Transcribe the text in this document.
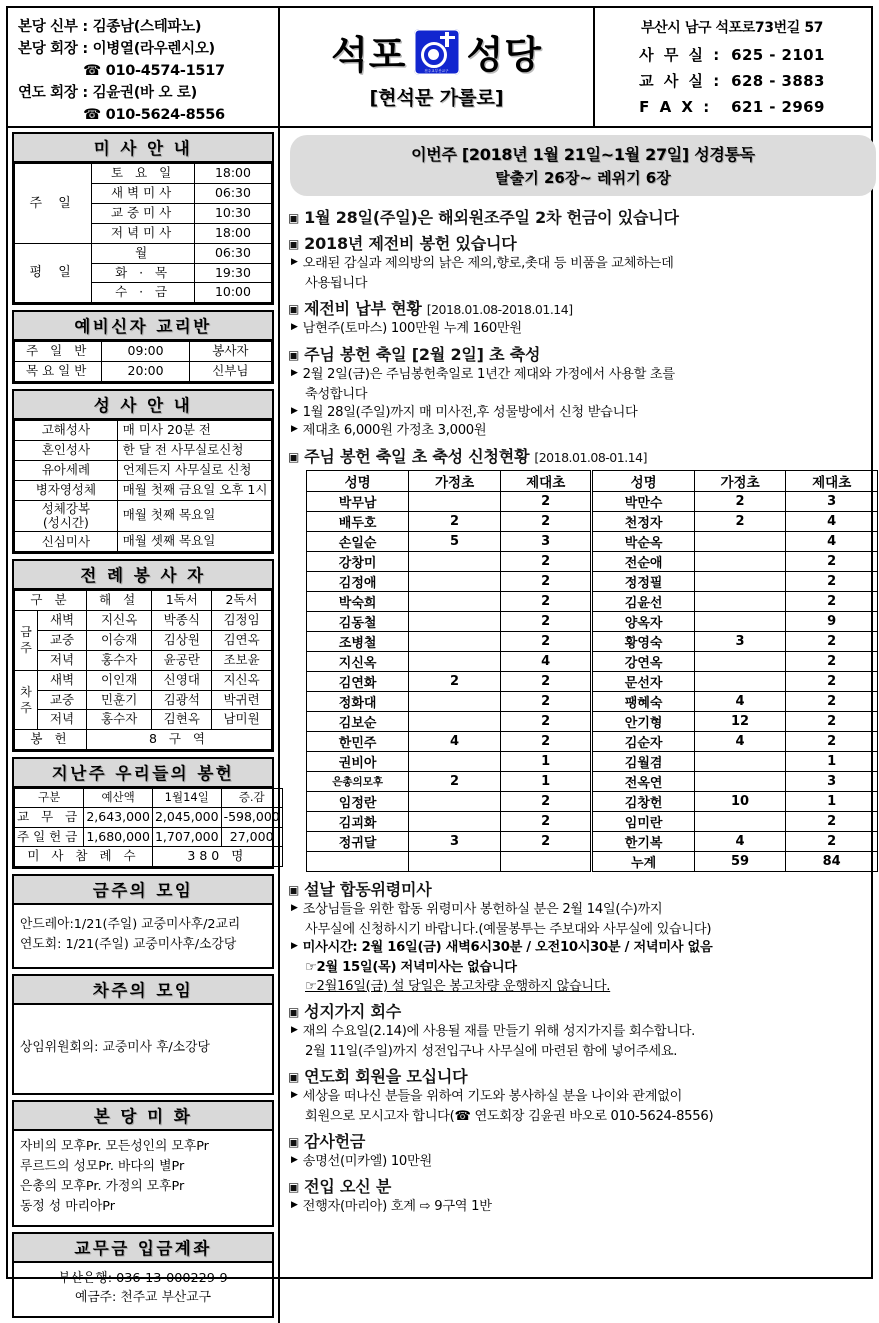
본당 신부 : 김종남(스테파노)
본당 회장 : 이병열(라우렌시오)
☎ 010-4574-1517
연도 회장 : 김윤권(바 오 로)
☎ 010-5624-8556
석포	천주교부산교구 성당
[현석문 가롤로]
부산시 남구 석포로73번길 57
사 무 실 : 625 - 2101
교 사 실 : 628 - 3883
F A X :	621 - 2969
미 사 안 내
주 일	토 요 일	18:00
	새벽미사	06:30
	교중미사	10:30
	저녁미사	18:00
평 일	월	06:30
	화 · 목	19:30
	수 · 금	10:00
예비신자 교리반
주 일 반	09:00	봉사자
목요일반	20:00	신부님
성 사 안 내
고해성사	매 미사 20분 전
혼인성사	한 달 전 사무실로신청
유아세례	언제든지 사무실로 신청
병자영성체	매월 첫째 금요일 오후 1시
성체강복
(성시간)	매월 첫째 목요일
신심미사	매월 셋째 목요일
전 례 봉 사 자
구 분		해 설	1독서	2독서
금
주	새벽	지신옥	박종식	김정임
	교중	이승재	김상원	김연옥
	저녁	홍수자	윤공란	조보윤
차
주	새벽	이인재	신영대	지신옥
	교중	민훈기	김광석	박귀련
	저녁	홍수자	김현옥	남미원
봉 헌		8 구 역		
지난주 우리들의 봉헌
구분	예산액	1월14일	증.감
교 무 금	2,643,000	2,045,000	-598,000
주일헌금	1,680,000	1,707,000	27,000
미 사 참 례 수		380 명	
금주의 모임
안드레아:1/21(주일) 교중미사후/2교리
연도회: 1/21(주일) 교중미사후/소강당
차주의 모임
상임위원회의: 교중미사 후/소강당
본 당 미 화
자비의 모후Pr. 모든성인의 모후Pr
루르드의 성모Pr. 바다의 별Pr
은총의 모후Pr. 가정의 모후Pr
동정 성 마리아Pr
교무금 입금계좌
부산은행: 036-13-000229-9
예금주: 천주교 부산교구
이번주 [2018년 1월 21일~1월 27일] 성경통독
탈출기 26장~ 레위기 6장
▣ 1월 28일(주일)은 해외원조주일 2차 헌금이 있습니다
▣ 2018년 제전비 봉헌 있습니다
▶ 오래된 감실과 제의방의 낡은 제의,향로,촛대 등 비품을 교체하는데
사용됩니다
▣ 제전비 납부 현황 [2018.01.08-2018.01.14]
▶ 남현주(토마스) 100만원 누계 160만원
▣ 주님 봉헌 축일 [2월 2일] 초 축성
▶ 2월 2일(금)은 주님봉헌축일로 1년간 제대와 가정에서 사용할 초를
축성합니다
▶ 1월 28일(주일)까지 매 미사전,후 성물방에서 신청 받습니다
▶ 제대초 6,000원 가정초 3,000원
▣ 주님 봉헌 축일 초 축성 신청현황 [2018.01.08-01.14]
성명	가정초	제대초	성명	가정초	제대초
박무남		2	박만수	2	3
배두호	2	2	천정자	2	4
손일순	5	3	박순옥		4
강창미		2	전순애		2
김정애		2	정정필		2
박숙희		2	김윤선		2
김동철		2	양옥자		9
조병철		2	황영숙	3	2
지신옥		4	강연옥		2
김연화	2	2	문선자		2
정화대		2	팽혜숙	4	2
김보순		2	안기형	12	2
한민주	4	2	김순자	4	2
권비아		1	김월겸		1
은총의모후	2	1	전옥연		3
임정란		2	김창헌	10	1
김괴화		2	임미란		2
정귀달	3	2	한기복	4	2
			누계	59	84
▣ 설날 합동위령미사
▶ 조상님들을 위한 합동 위령미사 봉헌하실 분은 2월 14일(수)까지
사무실에 신청하시기 바랍니다.(예물봉투는 주보대와 사무실에 있습니다)
▶ 미사시간: 2월 16일(금) 새벽6시30분 / 오전10시30분 / 저녁미사 없음
☞2월 15일(목) 저녁미사는 없습니다
☞2월16일(금) 설 당일은 봉고차량 운행하지 않습니다.
▣ 성지가지 회수
▶ 재의 수요일(2.14)에 사용될 재를 만들기 위해 성지가지를 회수합니다.
2월 11일(주일)까지 성전입구나 사무실에 마련된 함에 넣어주세요.
▣ 연도회 회원을 모십니다
▶ 세상을 떠나신 분들을 위하여 기도와 봉사하실 분을 나이와 관계없이
회원으로 모시고자 합니다(☎ 연도회장 김윤권 바오로 010-5624-8556)
▣ 감사헌금
▶ 송명선(미카엘) 10만원
▣ 전입 오신 분
▶ 전행자(마리아) 호계 ⇨ 9구역 1반
